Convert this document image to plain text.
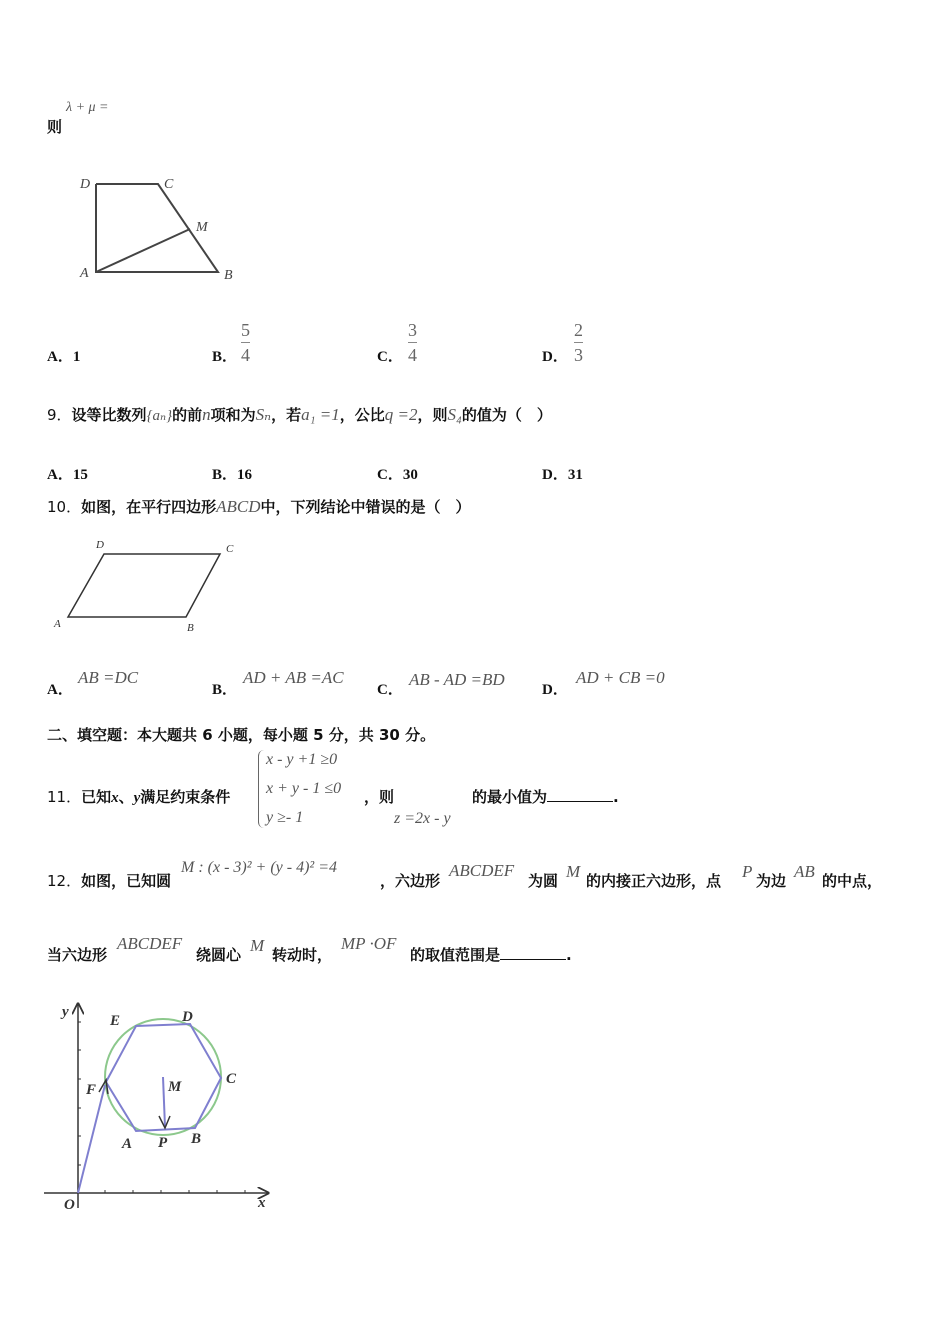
则
λ + μ =
D	C
M
A	B
A．1	B．
5
4	C．
3
4	D．
2
3
9．设等比数列{aₙ}的前n项和为Sₙ，若a₁ =1，公比q =2，则S₄的值为（　）
A．15	B．16	C．30	D．31
10．如图，在平行四边形ABCD中，下列结论中错误的是（　）
D	C
A	B
A．
AB =DC
B．
AD + AB =AC
C．
AB - AD =BD
D．
AD + CB =0
二、填空题：本大题共 6 小题，每小题 5 分，共 30 分。
11．已知x、y满足约束条件
x - y +1 ≥0
x + y - 1 ≤0
y ≥- 1
，则
z =2x - y
的最小值为	.
12．如图，已知圆
M : (x - 3)² + (y - 4)² =4
，六边形
ABCDEF
为圆 M 的内接正六边形，点 P 为边 AB 的中点，
当六边形
ABCDEF
绕圆心 M 转动时，
MP ·OF
的取值范围是	.
y
x
O
E	D
C
F	M
A P B
